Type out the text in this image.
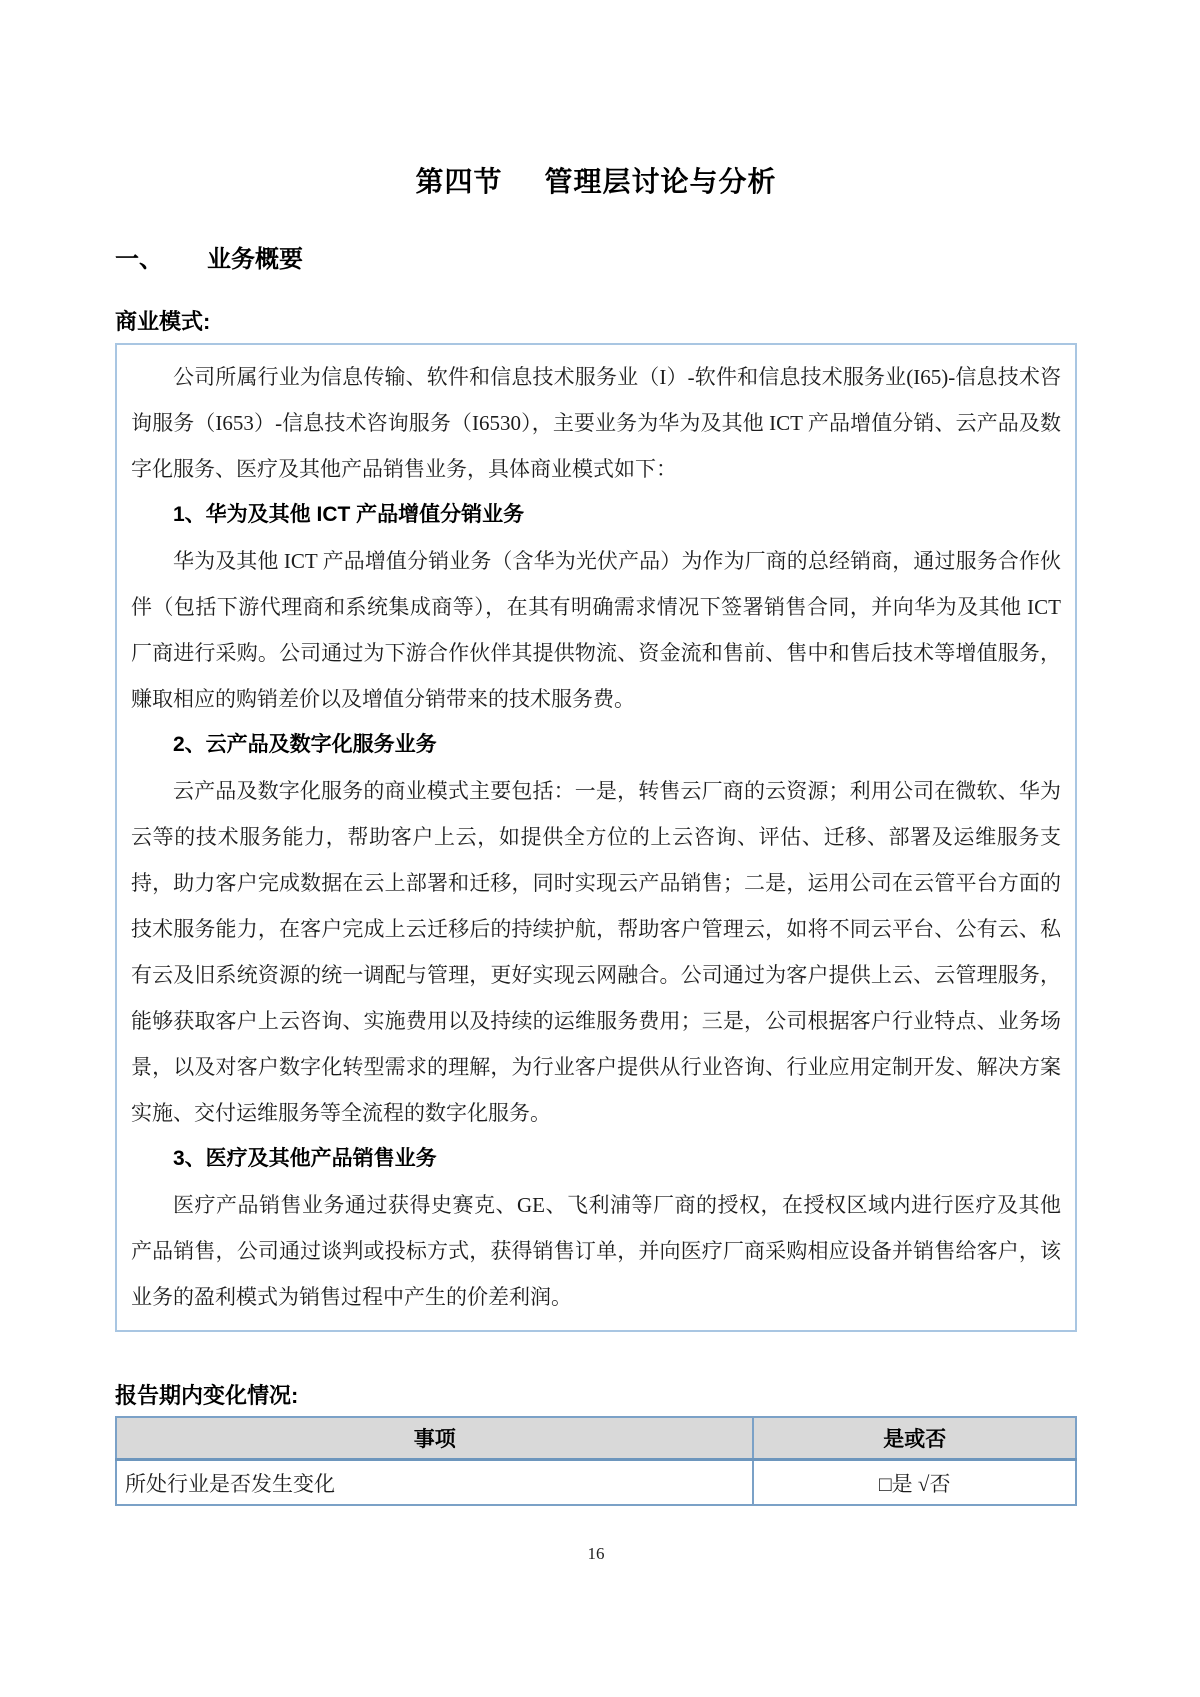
第四节 管理层讨论与分析
一、 业务概要
商业模式:

公司所属行业为信息传输、软件和信息技术服务业（I）-软件和信息技术服务业(I65)-信息技术咨询服务（I653）-信息技术咨询服务（I6530），主要业务为华为及其他 ICT 产品增值分销、云产品及数字化服务、医疗及其他产品销售业务，具体商业模式如下：

1、华为及其他 ICT 产品增值分销业务

华为及其他 ICT 产品增值分销业务（含华为光伏产品）为作为厂商的总经销商，通过服务合作伙伴（包括下游代理商和系统集成商等），在其有明确需求情况下签署销售合同，并向华为及其他 ICT 厂商进行采购。公司通过为下游合作伙伴其提供物流、资金流和售前、售中和售后技术等增值服务，赚取相应的购销差价以及增值分销带来的技术服务费。

2、云产品及数字化服务业务

云产品及数字化服务的商业模式主要包括：一是，转售云厂商的云资源；利用公司在微软、华为云等的技术服务能力，帮助客户上云，如提供全方位的上云咨询、评估、迁移、部署及运维服务支持，助力客户完成数据在云上部署和迁移，同时实现云产品销售；二是，运用公司在云管平台方面的技术服务能力，在客户完成上云迁移后的持续护航，帮助客户管理云，如将不同云平台、公有云、私有云及旧系统资源的统一调配与管理，更好实现云网融合。公司通过为客户提供上云、云管理服务，能够获取客户上云咨询、实施费用以及持续的运维服务费用；三是，公司根据客户行业特点、业务场景，以及对客户数字化转型需求的理解，为行业客户提供从行业咨询、行业应用定制开发、解决方案实施、交付运维服务等全流程的数字化服务。

3、医疗及其他产品销售业务

医疗产品销售业务通过获得史赛克、GE、飞利浦等厂商的授权，在授权区域内进行医疗及其他产品销售，公司通过谈判或投标方式，获得销售订单，并向医疗厂商采购相应设备并销售给客户，该业务的盈利模式为销售过程中产生的价差利润。

报告期内变化情况:
事项	是或否
所处行业是否发生变化	□是 √否
16
